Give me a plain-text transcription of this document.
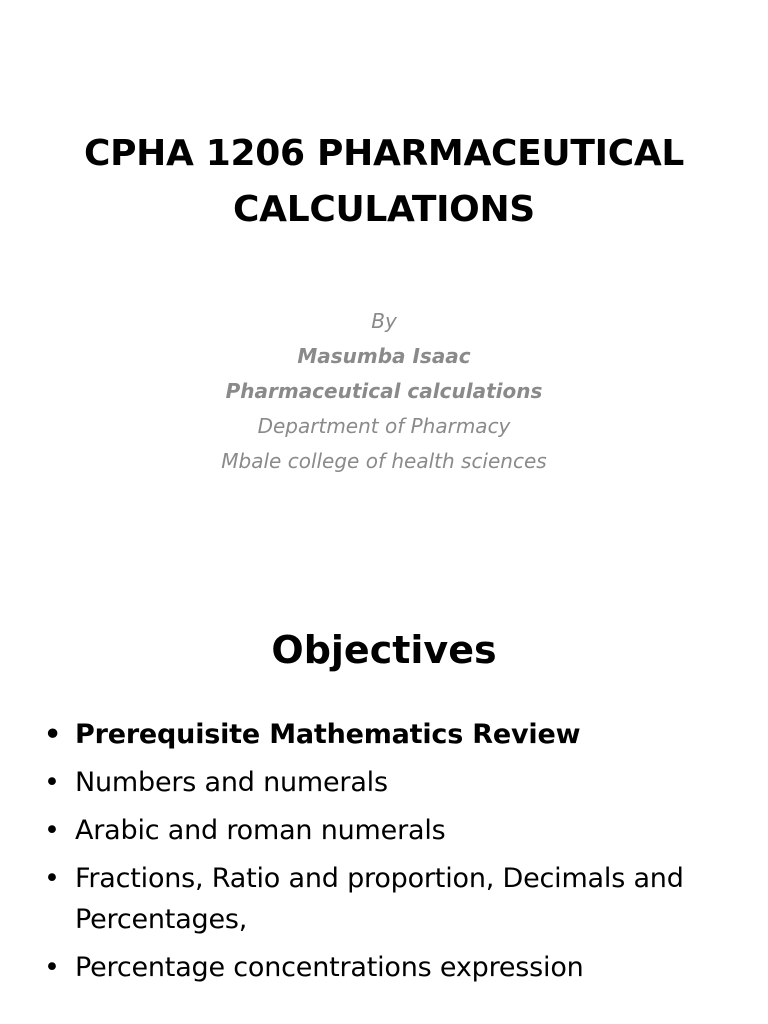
CPHA 1206 PHARMACEUTICAL
CALCULATIONS
By
Masumba Isaac
Pharmaceutical calculations
Department of Pharmacy
Mbale college of health sciences
Objectives
• Prerequisite Mathematics Review
• Numbers and numerals
• Arabic and roman numerals
• Fractions, Ratio and proportion, Decimals and Percentages,
• Percentage concentrations expression
